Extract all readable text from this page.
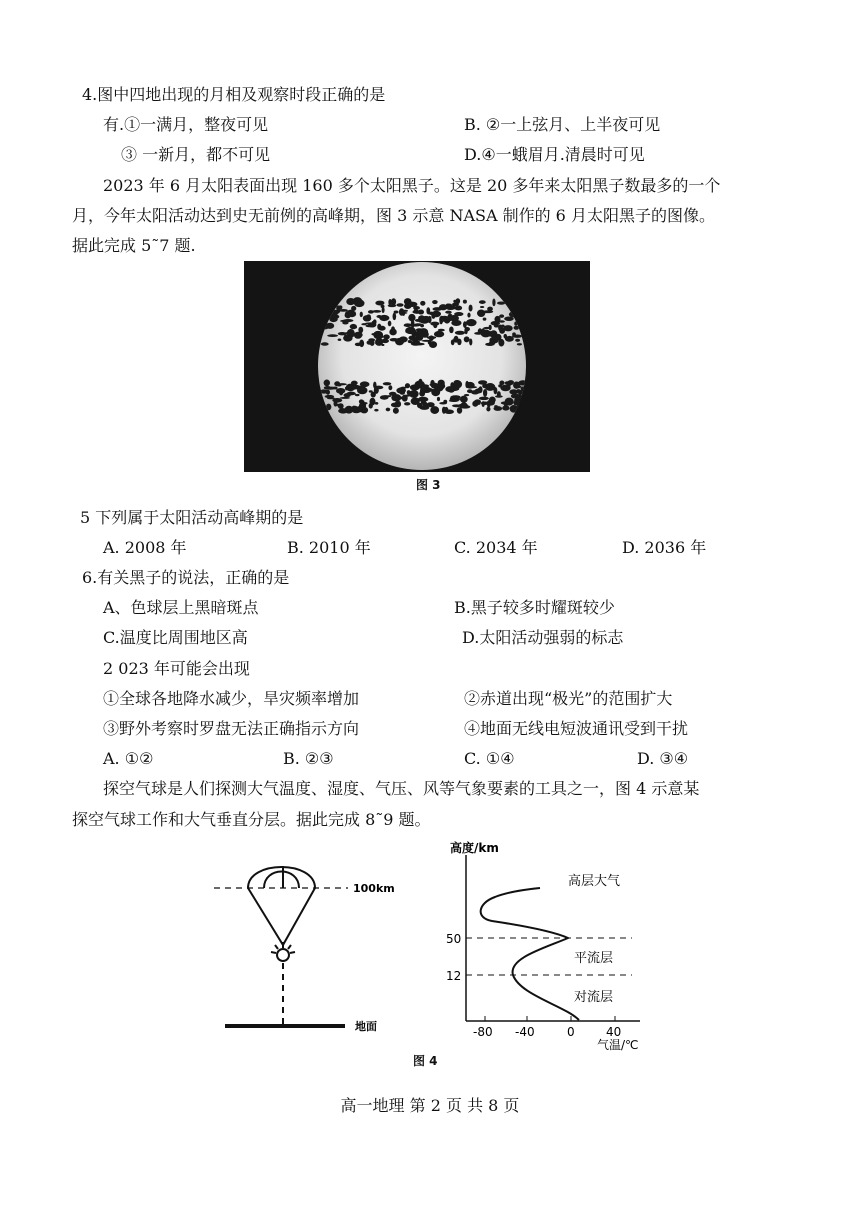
4.图中四地出现的月相及观察时段正确的是
有.①一满月，整夜可见	B. ②一上弦月、上半夜可见
③ 一新月，都不可见	D.④一蛾眉月.清晨时可见
2023 年 6 月太阳表面出现 160 多个太阳黑子。这是 20 多年来太阳黑子数最多的一个
月，今年太阳活动达到史无前例的高峰期，图 3 示意 NASA 制作的 6 月太阳黑子的图像。
据此完成 5˜7 题.
图 3
5 下列属于太阳活动高峰期的是
A. 2008 年	B. 2010 年	C. 2034 年	D. 2036 年
6.有关黑子的说法，正确的是
A、色球层上黑暗斑点	B.黑子较多时耀斑较少
C.温度比周围地区高	D.太阳活动强弱的标志
2 023 年可能会出现
①全球各地降水减少，旱灾频率增加	②赤道出现“极光”的范围扩大
③野外考察时罗盘无法正确指示方向	④地面无线电短波通讯受到干扰
A. ①②	B. ②③	C. ①④	D. ③④
探空气球是人们探测大气温度、湿度、气压、风等气象要素的工具之一，图 4 示意某
探空气球工作和大气垂直分层。据此完成 8˜9 题。
100km
地面
高度/km
气温/℃
50
12
-80 -40	0	40
高层大气
平流层
对流层
图 4
高一地理 第 2 页 共 8 页
